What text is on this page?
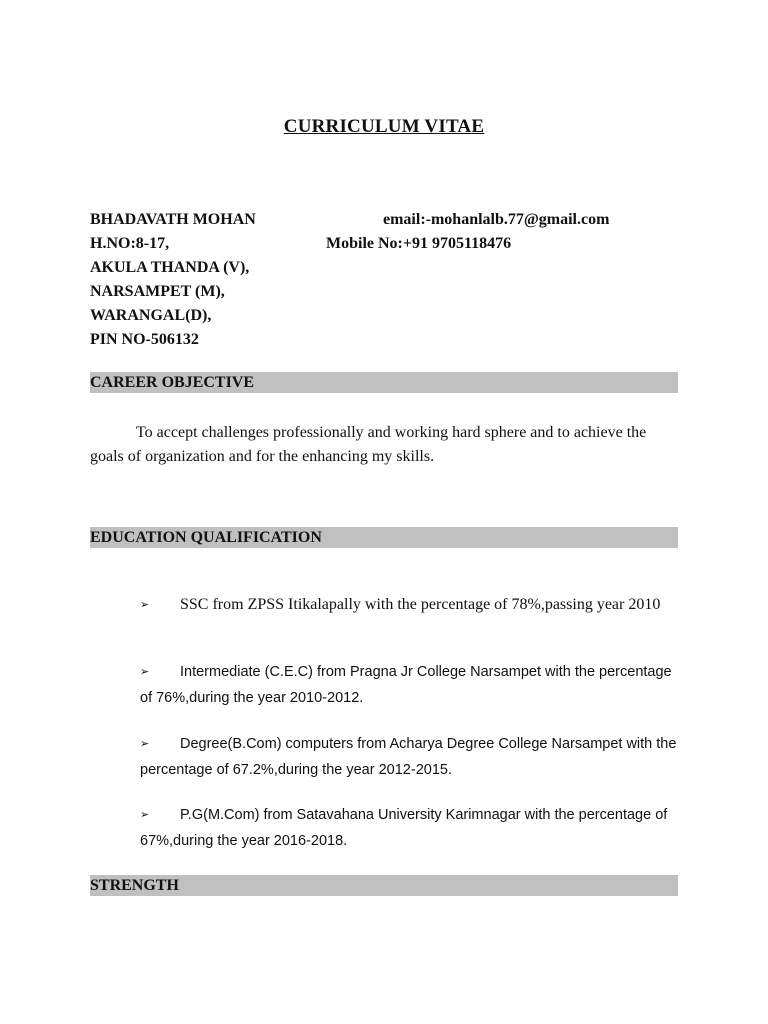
CURRICULUM VITAE
BHADAVATH MOHAN
H.NO:8-17,
AKULA THANDA (V),
NARSAMPET (M),
WARANGAL(D),
PIN NO-506132
email:-mohanlalb.77@gmail.com
Mobile No:+91 9705118476
CAREER OBJECTIVE
To accept challenges professionally and working hard sphere and to achieve the goals of organization and for the enhancing my skills.
EDUCATION QUALIFICATION
➢ SSC from ZPSS Itikalapally with the percentage of 78%,passing year 2010
➢ Intermediate (C.E.C) from Pragna Jr College Narsampet with the percentage of 76%,during the year 2010-2012.
➢ Degree(B.Com) computers from Acharya Degree College Narsampet with the percentage of 67.2%,during the year 2012-2015.
➢ P.G(M.Com) from Satavahana University Karimnagar with the percentage of 67%,during the year 2016-2018.
STRENGTH
